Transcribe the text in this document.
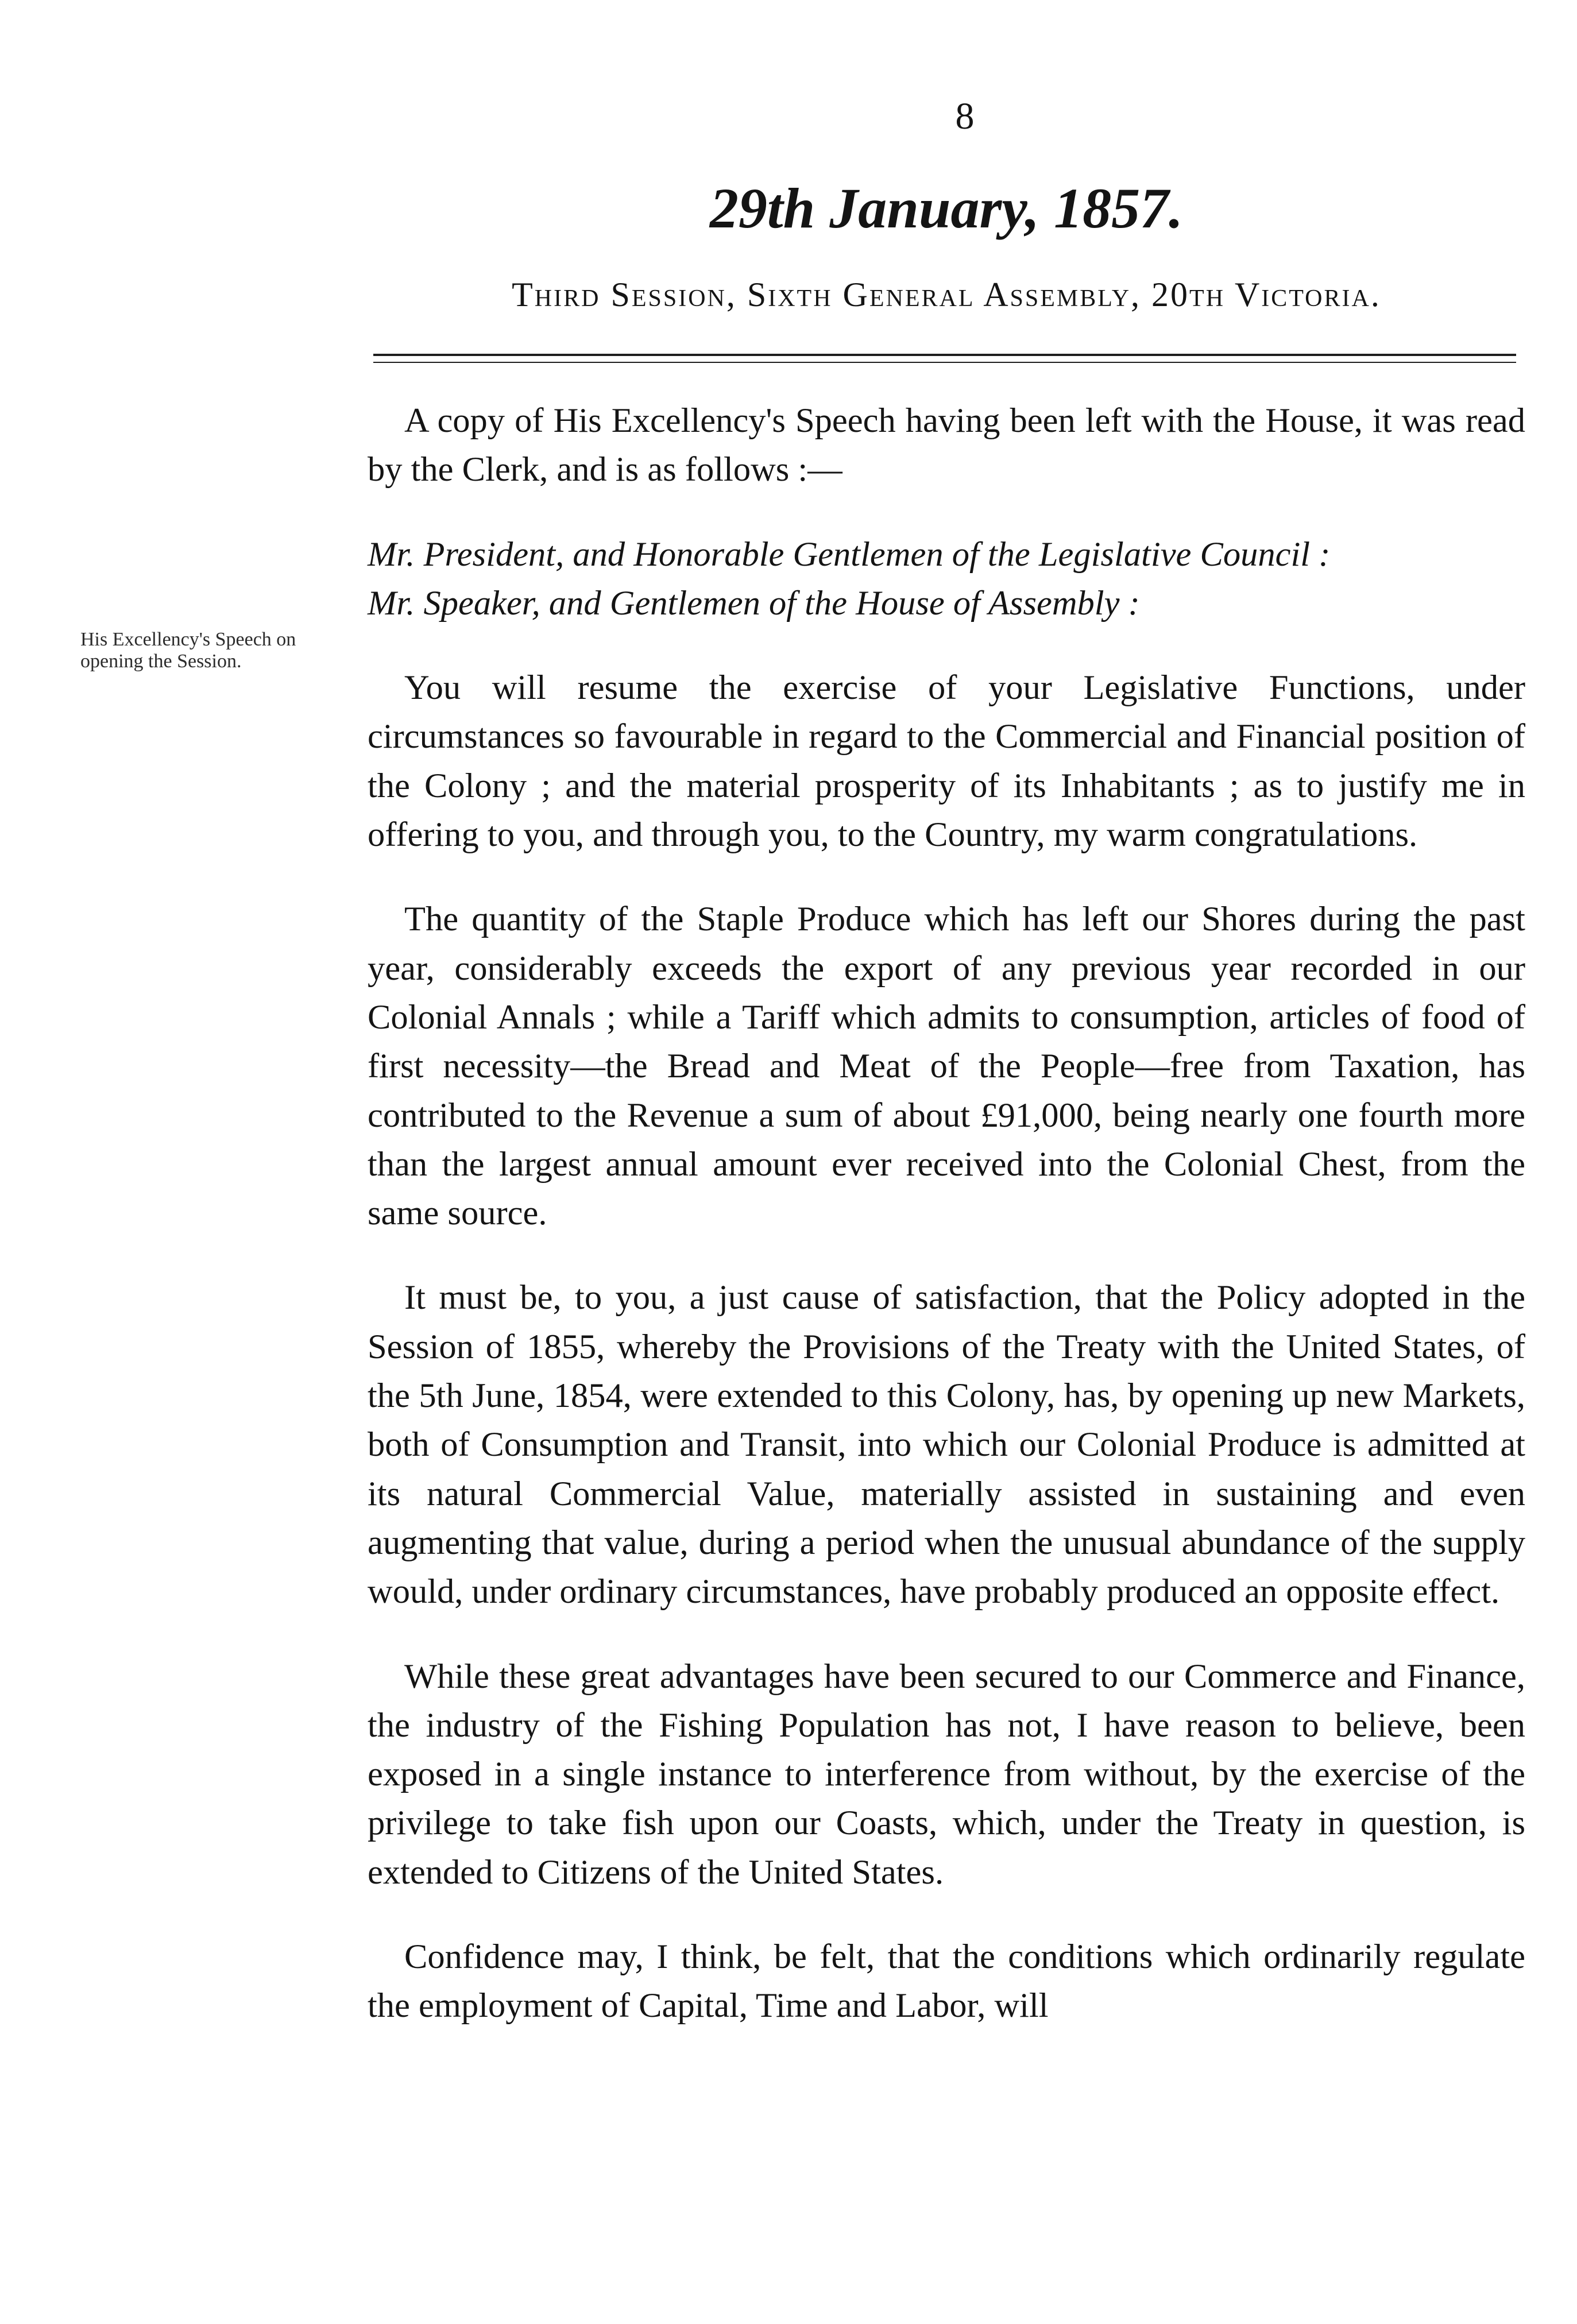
8
29th January, 1857.
Third Session, Sixth General Assembly, 20th Victoria.
His Excellency's Speech on opening the Session.

A copy of His Excellency's Speech having been left with the House, it was read by the Clerk, and is as follows :—

Mr. President, and Honorable Gentlemen of the Legislative Council :

Mr. Speaker, and Gentlemen of the House of Assembly :

You will resume the exercise of your Legislative Functions, under circumstances so favourable in regard to the Commercial and Financial position of the Colony ; and the material prosperity of its Inhabitants ; as to justify me in offering to you, and through you, to the Country, my warm congratulations.

The quantity of the Staple Produce which has left our Shores during the past year, considerably exceeds the export of any previous year recorded in our Colonial Annals ; while a Tariff which admits to consumption, articles of food of first necessity—the Bread and Meat of the People—free from Taxation, has contributed to the Revenue a sum of about £91,000, being nearly one fourth more than the largest annual amount ever received into the Colonial Chest, from the same source.

It must be, to you, a just cause of satisfaction, that the Policy adopted in the Session of 1855, whereby the Provisions of the Treaty with the United States, of the 5th June, 1854, were extended to this Colony, has, by opening up new Markets, both of Consumption and Transit, into which our Colonial Produce is admitted at its natural Commercial Value, materially assisted in sustaining and even augmenting that value, during a period when the unusual abundance of the supply would, under ordinary circumstances, have probably produced an opposite effect.

While these great advantages have been secured to our Commerce and Finance, the industry of the Fishing Population has not, I have reason to believe, been exposed in a single instance to interference from without, by the exercise of the privilege to take fish upon our Coasts, which, under the Treaty in question, is extended to Citizens of the United States.

Confidence may, I think, be felt, that the conditions which ordinarily regulate the employment of Capital, Time and Labor, will
